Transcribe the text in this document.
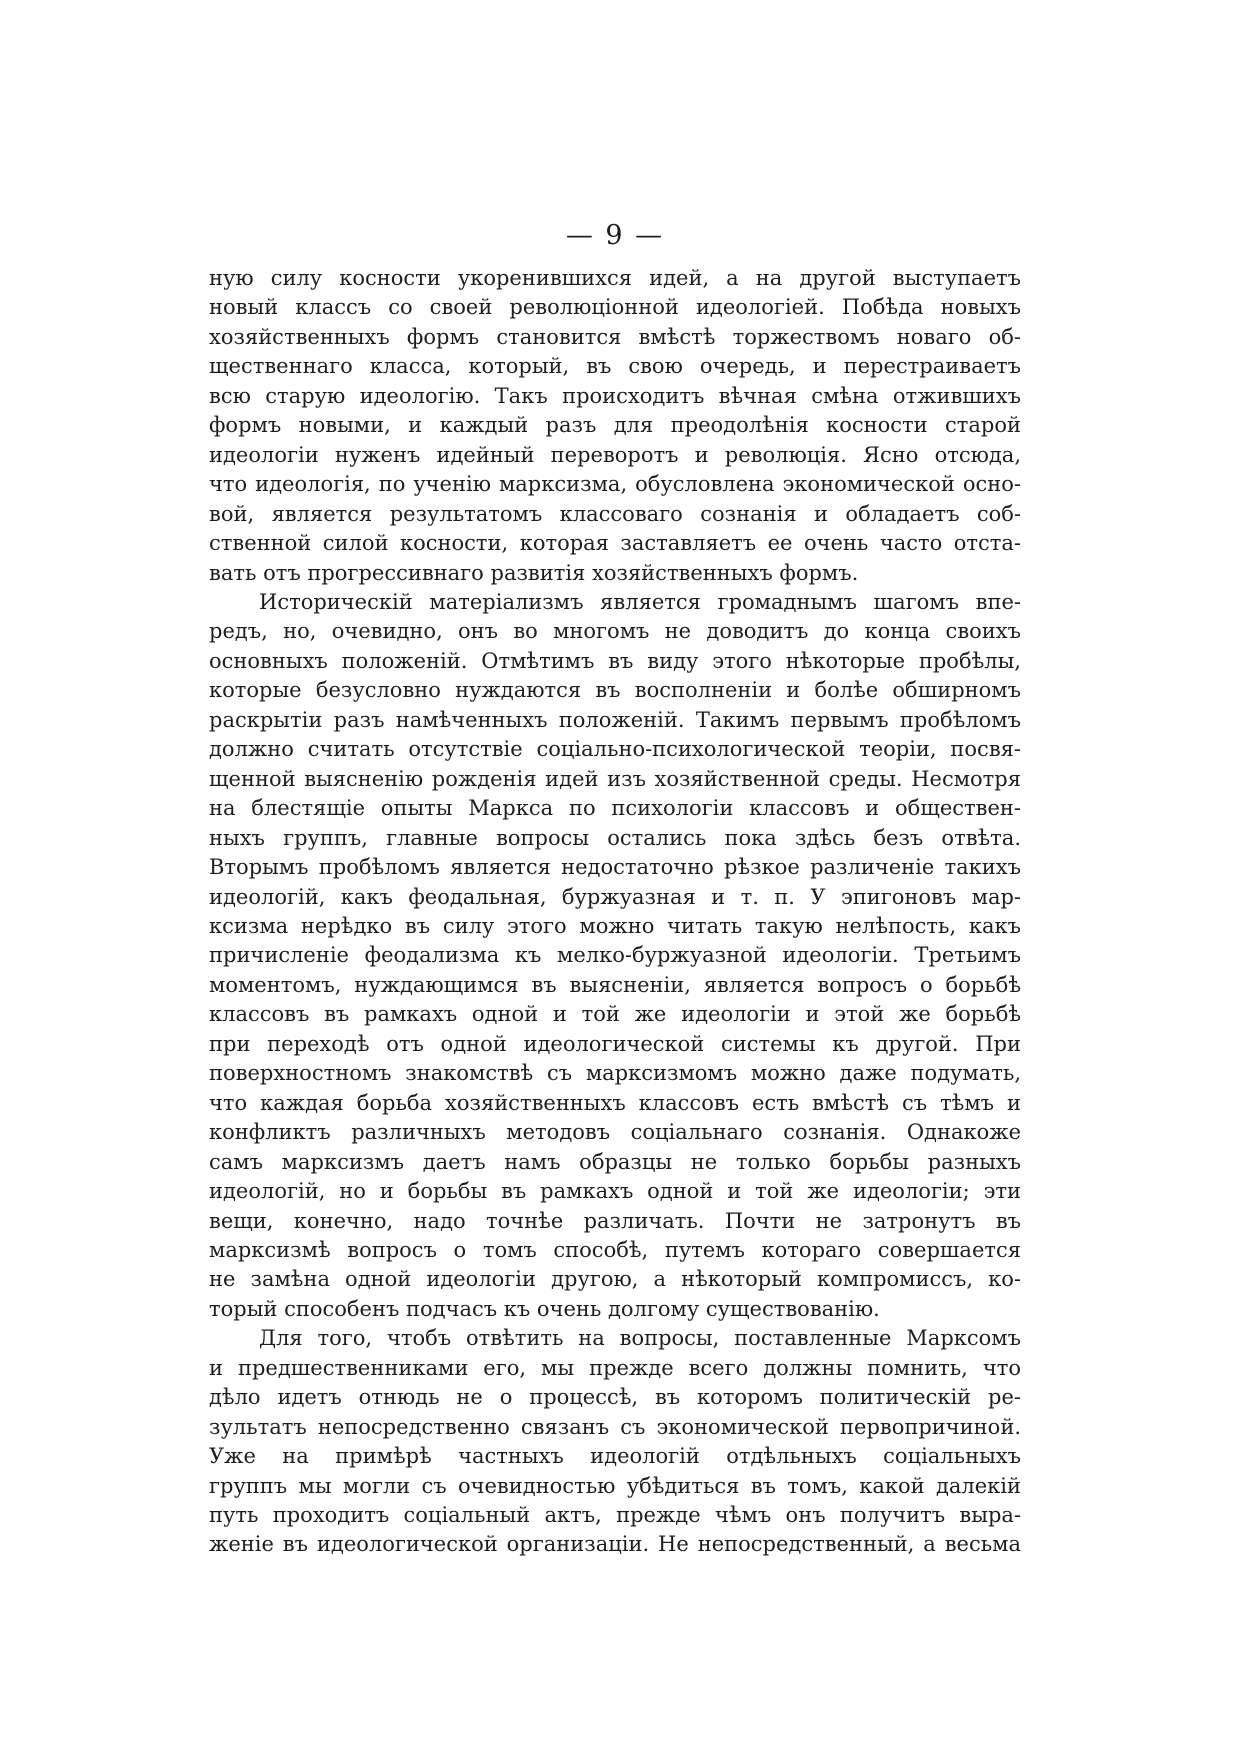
— 9 —
ную силу косности укоренившихся идей, а на другой выступаетъ
новый классъ со своей революціонной идеологіей. Побѣда новыхъ
хозяйственныхъ формъ становится вмѣстѣ торжествомъ новаго об-
щественнаго класса, который, въ свою очередь, и перестраиваетъ
всю старую идеологію. Такъ происходитъ вѣчная смѣна отжившихъ
формъ новыми, и каждый разъ для преодолѣнія косности старой
идеологіи нуженъ идейный переворотъ и революція. Ясно отсюда,
что идеологія, по ученію марксизма, обусловлена экономической осно-
вой, является результатомъ классоваго сознанія и обладаетъ соб-
ственной силой косности, которая заставляетъ ее очень часто отста-
вать отъ прогрессивнаго развитія хозяйственныхъ формъ.
Историческій матеріализмъ является громаднымъ шагомъ впе-
редъ, но, очевидно, онъ во многомъ не доводитъ до конца своихъ
основныхъ положеній. Отмѣтимъ въ виду этого нѣкоторые пробѣлы,
которые безусловно нуждаются въ восполненіи и болѣе обширномъ
раскрытіи разъ намѣченныхъ положеній. Такимъ первымъ пробѣломъ
должно считать отсутствіе соціально-психологической теоріи, посвя-
щенной выясненію рожденія идей изъ хозяйственной среды. Несмотря
на блестящіе опыты Маркса по психологіи классовъ и обществен-
ныхъ группъ, главные вопросы остались пока здѣсь безъ отвѣта.
Вторымъ пробѣломъ является недостаточно рѣзкое различеніе такихъ
идеологій, какъ феодальная, буржуазная и т. п. У эпигоновъ мар-
ксизма нерѣдко въ силу этого можно читать такую нелѣпость, какъ
причисленіе феодализма къ мелко-буржуазной идеологіи. Третьимъ
моментомъ, нуждающимся въ выясненіи, является вопросъ о борьбѣ
классовъ въ рамкахъ одной и той же идеологіи и этой же борьбѣ
при переходѣ отъ одной идеологической системы къ другой. При
поверхностномъ знакомствѣ съ марксизмомъ можно даже подумать,
что каждая борьба хозяйственныхъ классовъ есть вмѣстѣ съ тѣмъ и
конфликтъ различныхъ методовъ соціальнаго сознанія. Однакоже
самъ марксизмъ даетъ намъ образцы не только борьбы разныхъ
идеологій, но и борьбы въ рамкахъ одной и той же идеологіи; эти
вещи, конечно, надо точнѣе различать. Почти не затронутъ въ
марксизмѣ вопросъ о томъ способѣ, путемъ котораго совершается
не замѣна одной идеологіи другою, а нѣкоторый компромиссъ, ко-
торый способенъ подчасъ къ очень долгому существованію.
Для того, чтобъ отвѣтить на вопросы, поставленные Марксомъ
и предшественниками его, мы прежде всего должны помнить, что
дѣло идетъ отнюдь не о процессѣ, въ которомъ политическій ре-
зультатъ непосредственно связанъ съ экономической первопричиной.
Уже на примѣрѣ частныхъ идеологій отдѣльныхъ соціальныхъ
группъ мы могли съ очевидностью убѣдиться въ томъ, какой далекій
путь проходитъ соціальный актъ, прежде чѣмъ онъ получитъ выра-
женіе въ идеологической организаціи. Не непосредственный, а весьма
